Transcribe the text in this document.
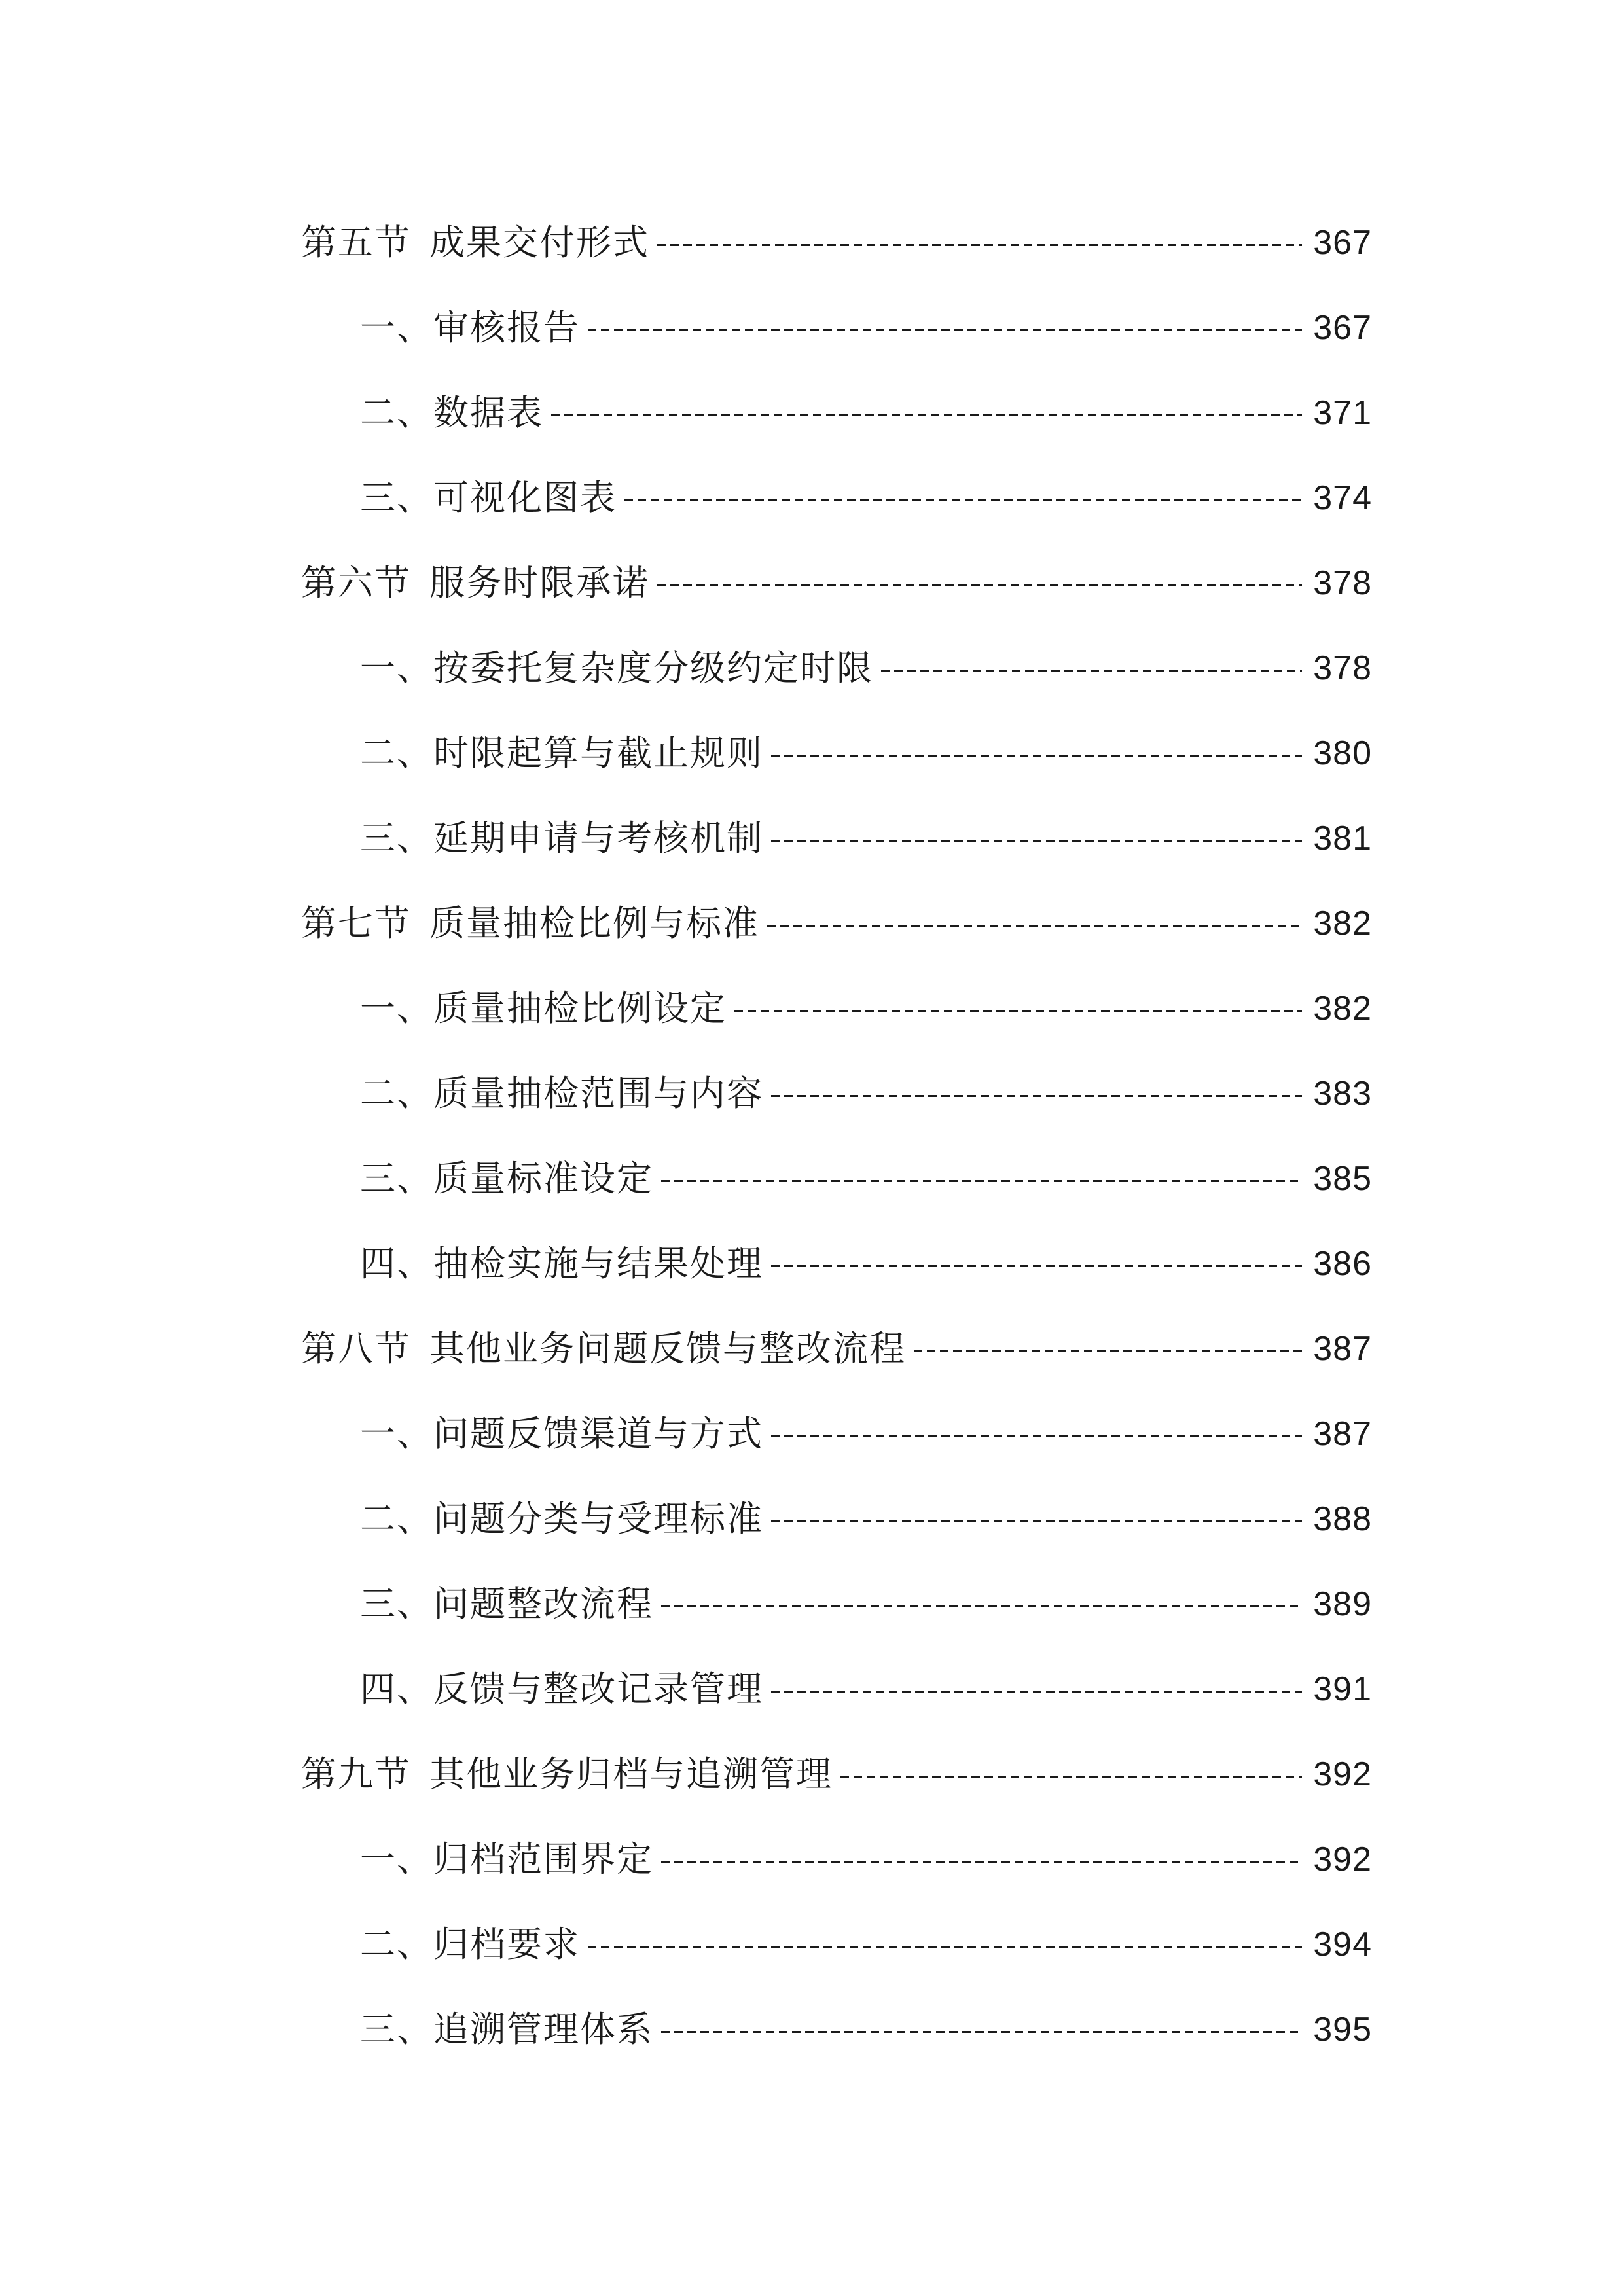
第五节 成果交付形式	367
一、审核报告	367
二、数据表	371
三、可视化图表	374
第六节 服务时限承诺	378
一、按委托复杂度分级约定时限	378
二、时限起算与截止规则	380
三、延期申请与考核机制	381
第七节 质量抽检比例与标准	382
一、质量抽检比例设定	382
二、质量抽检范围与内容	383
三、质量标准设定	385
四、抽检实施与结果处理	386
第八节 其他业务问题反馈与整改流程	387
一、问题反馈渠道与方式	387
二、问题分类与受理标准	388
三、问题整改流程	389
四、反馈与整改记录管理	391
第九节 其他业务归档与追溯管理	392
一、归档范围界定	392
二、归档要求	394
三、追溯管理体系	395
